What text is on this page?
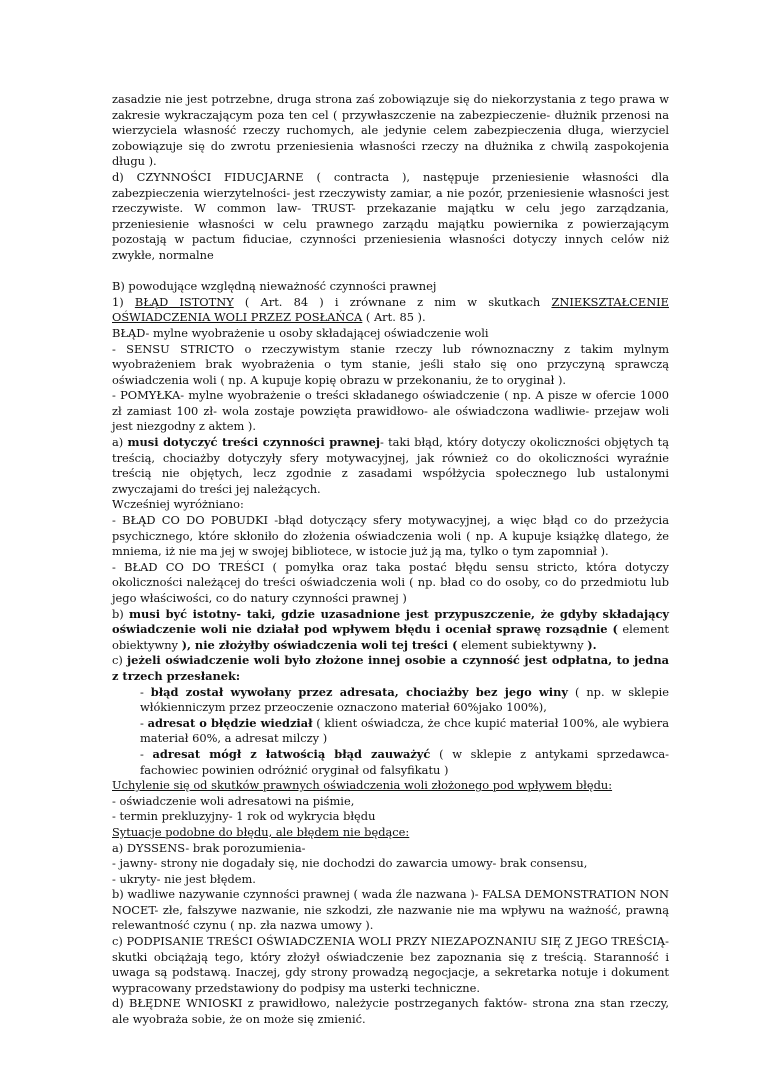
zasadzie nie jest potrzebne, druga strona zaś zobowiązuje się do niekorzystania z tego prawa w zakresie wykraczającym poza ten cel ( przywłaszczenie na zabezpieczenie- dłużnik przenosi na wierzyciela własność rzeczy ruchomych, ale jedynie celem zabezpieczenia długa, wierzyciel zobowiązuje się do zwrotu przeniesienia własności rzeczy na dłużnika z chwilą zaspokojenia długu ).

d) CZYNNOŚCI FIDUCJARNE ( contracta ), następuje przeniesienie własności dla zabezpieczenia wierzytelności- jest rzeczywisty zamiar, a nie pozór, przeniesienie własności jest rzeczywiste. W common law- TRUST- przekazanie majątku w celu jego zarządzania, przeniesienie własności w celu prawnego zarządu majątku powiernika z powierzającym pozostają w pactum fiduciae, czynności przeniesienia własności dotyczy innych celów niż zwykłe, normalne

B) powodujące względną nieważność czynności prawnej

1) BŁĄD ISTOTNY ( Art. 84 ) i zrównane z nim w skutkach ZNIEKSZTAŁCENIE OŚWIADCZENIA WOLI PRZEZ POSŁAŃCA ( Art. 85 ).

BŁĄD- mylne wyobrażenie u osoby składającej oświadczenie woli

- SENSU STRICTO o rzeczywistym stanie rzeczy lub równoznaczny z takim mylnym wyobrażeniem brak wyobrażenia o tym stanie, jeśli stało się ono przyczyną sprawczą oświadczenia woli ( np. A kupuje kopię obrazu w przekonaniu, że to oryginał ).

- POMYŁKA- mylne wyobrażenie o treści składanego oświadczenie ( np. A pisze w ofercie 1000 zł zamiast 100 zł- wola zostaje powzięta prawidłowo- ale oświadczona wadliwie- przejaw woli jest niezgodny z aktem ).

a) musi dotyczyć treści czynności prawnej- taki błąd, który dotyczy okoliczności objętych tą treścią, chociażby dotyczyły sfery motywacyjnej, jak również co do okoliczności wyraźnie treścią nie objętych, lecz zgodnie z zasadami współżycia społecznego lub ustalonymi zwyczajami do treści jej należących.

Wcześniej wyróżniano:

- BŁĄD CO DO POBUDKI -błąd dotyczący sfery motywacyjnej, a więc błąd co do przeżycia psychicznego, które skłoniło do złożenia oświadczenia woli ( np. A kupuje książkę dlatego, że mniema, iż nie ma jej w swojej bibliotece, w istocie już ją ma, tylko o tym zapomniał ).

- BŁAD CO DO TREŚCI ( pomyłka oraz taka postać błędu sensu stricto, która dotyczy okoliczności należącej do treści oświadczenia woli ( np. bład co do osoby, co do przedmiotu lub jego właściwości, co do natury czynności prawnej )

b) musi być istotny- taki, gdzie uzasadnione jest przypuszczenie, że gdyby składający oświadczenie woli nie działał pod wpływem błędu i oceniał sprawę rozsądnie ( element obiektywny ), nie złożyłby oświadczenia woli tej treści ( element subiektywny ).

c) jeżeli oświadczenie woli było złożone innej osobie a czynność jest odpłatna, to jedna z trzech przesłanek:

- błąd został wywołany przez adresata, chociażby bez jego winy ( np. w sklepie włókienniczym przez przeoczenie oznaczono materiał 60%jako 100%),

- adresat o błędzie wiedział ( klient oświadcza, że chce kupić materiał 100%, ale wybiera materiał 60%, a adresat milczy )

- adresat mógł z łatwością błąd zauważyć ( w sklepie z antykami sprzedawca- fachowiec powinien odróżnić oryginał od falsyfikatu )

Uchylenie się od skutków prawnych oświadczenia woli złożonego pod wpływem błędu:

- oświadczenie woli adresatowi na piśmie,

- termin prekluzyjny- 1 rok od wykrycia błędu

Sytuacje podobne do błędu, ale błędem nie będące:

a) DYSSENS- brak porozumienia-

- jawny- strony nie dogadały się, nie dochodzi do zawarcia umowy- brak consensu,

- ukryty- nie jest błędem.

b) wadliwe nazywanie czynności prawnej ( wada źle nazwana )- FALSA DEMONSTRATION NON NOCET- złe, fałszywe nazwanie, nie szkodzi, złe nazwanie nie ma wpływu na ważność, prawną relewantność czynu ( np. zła nazwa umowy ).

c) PODPISANIE TREŚCI OŚWIADCZENIA WOLI PRZY NIEZAPOZNANIU SIĘ Z JEGO TREŚCIĄ- skutki obciążają tego, który złożył oświadczenie bez zapoznania się z treścią. Staranność i uwaga są podstawą. Inaczej, gdy strony prowadzą negocjacje, a sekretarka notuje i dokument wypracowany przedstawiony do podpisy ma usterki techniczne.

d) BŁĘDNE WNIOSKI z prawidłowo, należycie postrzeganych faktów- strona zna stan rzeczy, ale wyobraża sobie, że on może się zmienić.
